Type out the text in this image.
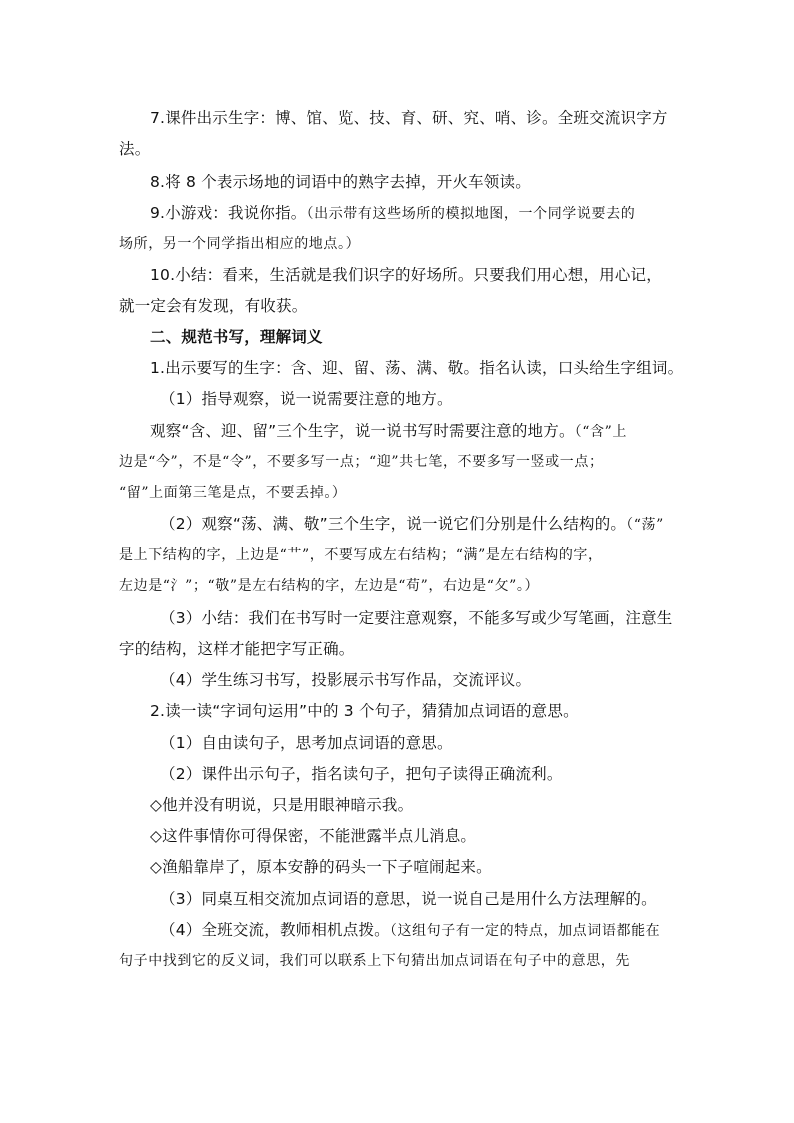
7.课件出示生字：博、馆、览、技、育、研、究、哨、诊。全班交流识字方
法。
8.将 8 个表示场地的词语中的熟字去掉，开火车领读。
9.小游戏：我说你指。（出示带有这些场所的模拟地图，一个同学说要去的
场所，另一个同学指出相应的地点。）
10.小结：看来，生活就是我们识字的好场所。只要我们用心想，用心记，
就一定会有发现，有收获。
二、规范书写，理解词义
1.出示要写的生字：含、迎、留、荡、满、敬。指名认读，口头给生字组词。
（1）指导观察，说一说需要注意的地方。
观察“含、迎、留”三个生字，说一说书写时需要注意的地方。（“含”上
边是“今”，不是“令”，不要多写一点；“迎”共七笔，不要多写一竖或一点；
“留”上面第三笔是点，不要丢掉。）
（2）观察“荡、满、敬”三个生字，说一说它们分别是什么结构的。（“荡”
是上下结构的字，上边是“艹”，不要写成左右结构；“满”是左右结构的字，
左边是“氵”；“敬”是左右结构的字，左边是“苟”，右边是“攵”。）
（3）小结：我们在书写时一定要注意观察，不能多写或少写笔画，注意生
字的结构，这样才能把字写正确。
（4）学生练习书写，投影展示书写作品，交流评议。
2.读一读“字词句运用”中的 3 个句子，猜猜加点词语的意思。
（1）自由读句子，思考加点词语的意思。
（2）课件出示句子，指名读句子，把句子读得正确流利。
◇他并没有明说，只是用眼神暗示我。
◇这件事情你可得保密，不能泄露半点儿消息。
◇渔船靠岸了，原本安静的码头一下子喧闹起来。
（3）同桌互相交流加点词语的意思，说一说自己是用什么方法理解的。
（4）全班交流，教师相机点拨。（这组句子有一定的特点，加点词语都能在
句子中找到它的反义词，我们可以联系上下句猜出加点词语在句子中的意思，先
